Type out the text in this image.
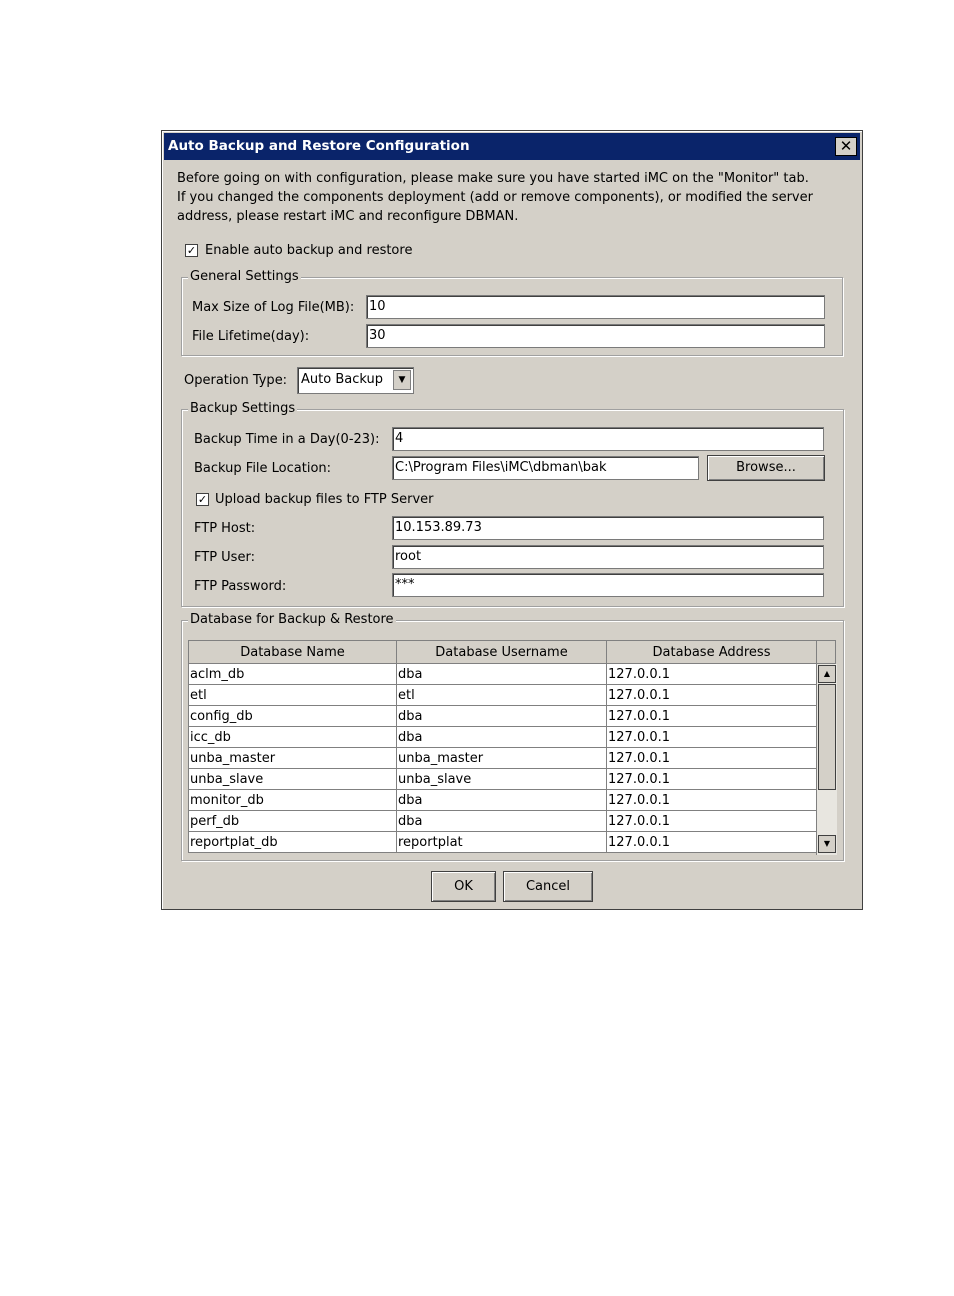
Auto Backup and Restore Configuration	✕
Before going on with configuration, please make sure you have started iMC on the "Monitor" tab.
If you changed the components deployment (add or remove components), or modified the server
address, please restart iMC and reconfigure DBMAN.
✓ Enable auto backup and restore
General Settings
Max Size of Log File(MB): 10
File Lifetime(day):	30
Operation Type: Auto Backup	▼
Backup Settings
Backup Time in a Day(0-23): 4
Backup File Location:	C:\Program Files\iMC\dbman\bak	Browse...
✓ Upload backup files to FTP Server
FTP Host:	10.153.89.73
FTP User:	root
FTP Password:	***
Database for Backup & Restore
Database Name	Database Username	Database Address
aclm_db	dba	127.0.0.1
etl	etl	127.0.0.1
config_db	dba	127.0.0.1
icc_db	dba	127.0.0.1
unba_master	unba_master	127.0.0.1
unba_slave	unba_slave	127.0.0.1
monitor_db	dba	127.0.0.1
perf_db	dba	127.0.0.1
reportplat_db	reportplat	127.0.0.1
▲
▼
OK	Cancel
